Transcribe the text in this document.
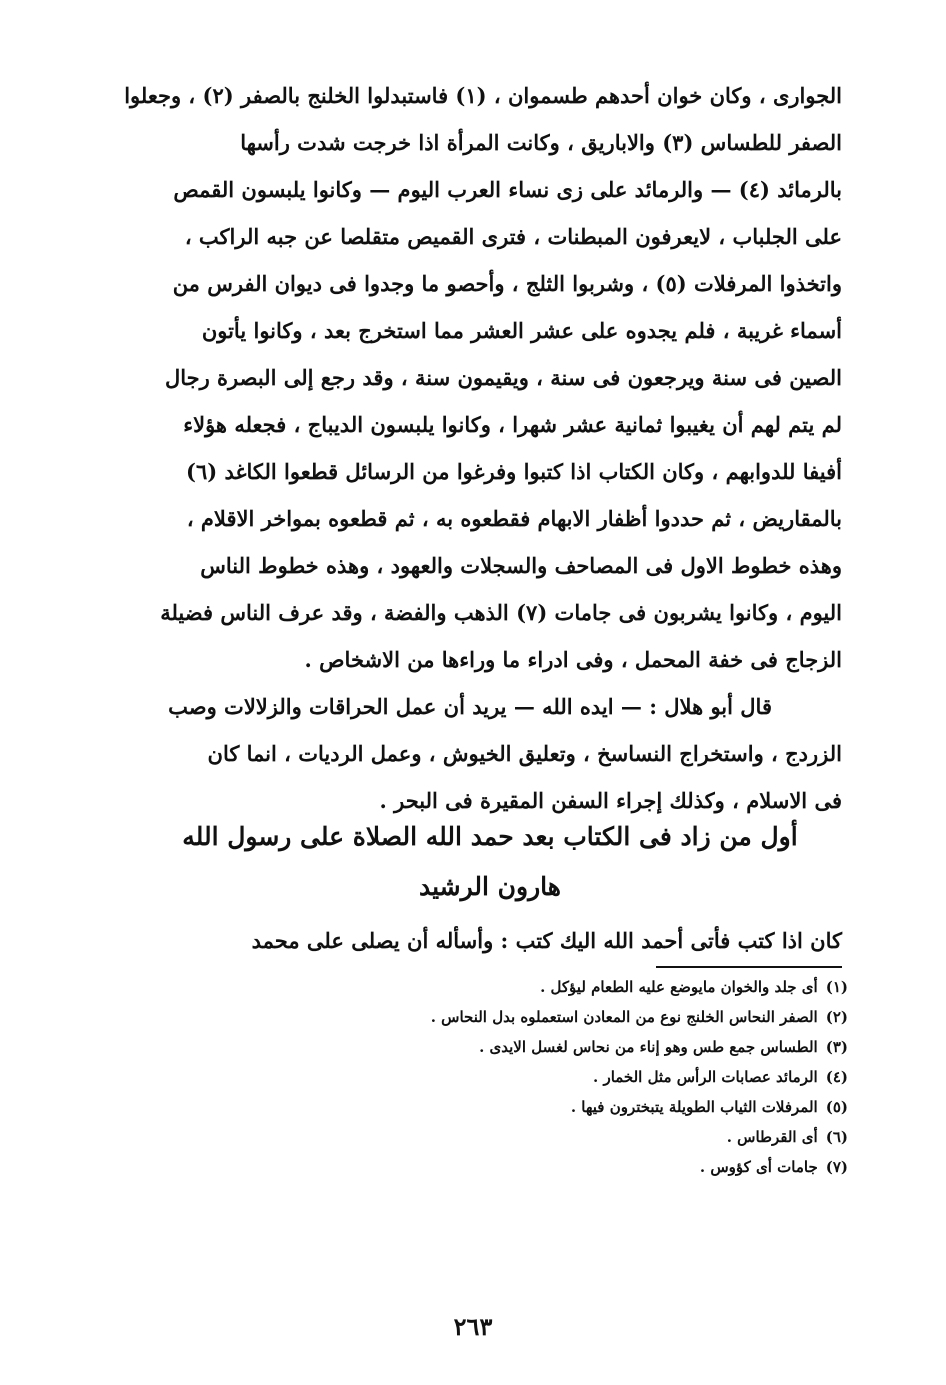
الجوارى ، وكان خوان أحدهم طسموان ، (١) فاستبدلوا الخلنج بالصفر (٢) ، وجعلوا
الصفر للطساس (٣) والاباريق ، وكانت المرأة اذا خرجت شدت رأسها
بالرمائد (٤) — والرمائد على زى نساء العرب اليوم — وكانوا يلبسون القمص
على الجلباب ، لايعرفون المبطنات ، فترى القميص متقلصا عن جبه الراكب ،
واتخذوا المرفلات (٥) ، وشربوا الثلج ، وأحصو ما وجدوا فى ديوان الفرس من
أسماء غريبة ، فلم يجدوه على عشر العشر مما استخرج بعد ، وكانوا يأتون
الصين فى سنة ويرجعون فى سنة ، ويقيمون سنة ، وقد رجع إلى البصرة رجال
لم يتم لهم أن يغيبوا ثمانية عشر شهرا ، وكانوا يلبسون الديباج ، فجعله هؤلاء
أفيفا للدوابهم ، وكان الكتاب اذا كتبوا وفرغوا من الرسائل قطعوا الكاغد (٦)
بالمقاريض ، ثم حددوا أظفار الابهام فقطعوه به ، ثم قطعوه بمواخر الاقلام ،
وهذه خطوط الاول فى المصاحف والسجلات والعهود ، وهذه خطوط الناس
اليوم ، وكانوا يشربون فى جامات (٧) الذهب والفضة ، وقد عرف الناس فضيلة
الزجاج فى خفة المحمل ، وفى ادراء ما وراءها من الاشخاص .
قال أبو هلال : — ايده الله — يريد أن عمل الحراقات والزلالات وصب
الزردج ، واستخراج النساسخ ، وتعليق الخيوش ، وعمل الرديات ، انما كان
فى الاسلام ، وكذلك إجراء السفن المقيرة فى البحر .
أول من زاد فى الكتاب بعد حمد الله الصلاة على رسول الله
هارون الرشيد
كان اذا كتب فأتى أحمد الله اليك كتب : وأسأله أن يصلى على محمد
(١)أى جلد والخوان مايوضع عليه الطعام ليؤكل .
(٢)الصفر النحاس الخلنج نوع من المعادن استعملوه بدل النحاس .
(٣)الطساس جمع طس وهو إناء من نحاس لغسل الايدى .
(٤)الرمائد عصابات الرأس مثل الخمار .
(٥)المرفلات الثياب الطويلة يتبخترون فيها .
(٦)أى القرطاس .
(٧)جامات أى كؤوس .
٢٦٣
